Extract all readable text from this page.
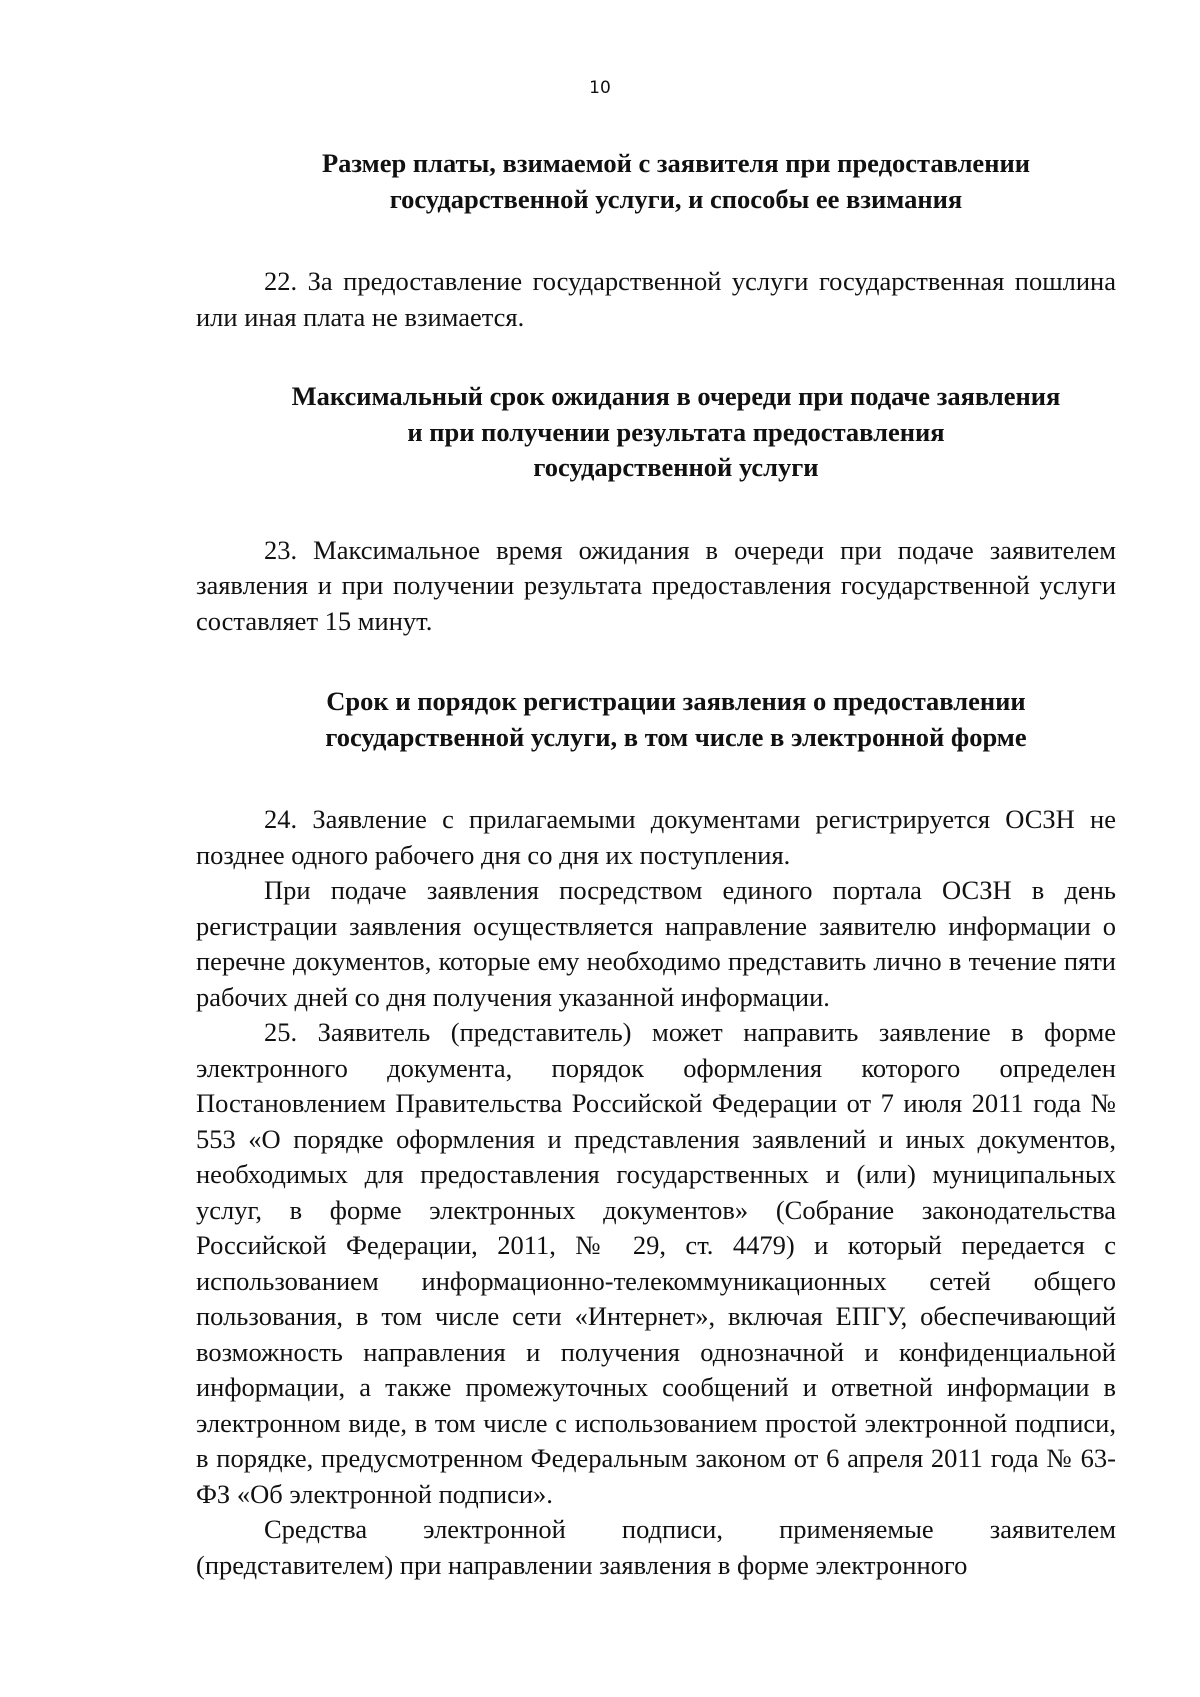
10
Размер платы, взимаемой с заявителя при предоставлении
государственной услуги, и способы ее взимания

22. За предоставление государственной услуги государственная пошлина или иная плата не взимается.

Максимальный срок ожидания в очереди при подаче заявления
и при получении результата предоставления
государственной услуги

23. Максимальное время ожидания в очереди при подаче заявителем заявления и при получении результата предоставления государственной услуги составляет 15 минут.

Срок и порядок регистрации заявления о предоставлении
государственной услуги, в том числе в электронной форме

24. Заявление с прилагаемыми документами регистрируется ОСЗН не позднее одного рабочего дня со дня их поступления.

При подаче заявления посредством единого портала ОСЗН в день регистрации заявления осуществляется направление заявителю информации о перечне документов, которые ему необходимо представить лично в течение пяти рабочих дней со дня получения указанной информации.

25. Заявитель (представитель) может направить заявление в форме электронного документа, порядок оформления которого определен Постановлением Правительства Российской Федерации от 7 июля 2011 года № 553 «О порядке оформления и представления заявлений и иных документов, необходимых для предоставления государственных и (или) муниципальных услуг, в форме электронных документов» (Собрание законодательства Российской Федерации, 2011, № 29, ст. 4479) и который передается с использованием информационно-телекоммуникационных сетей общего пользования, в том числе сети «Интернет», включая ЕПГУ, обеспечивающий возможность направления и получения однозначной и конфиденциальной информации, а также промежуточных сообщений и ответной информации в электронном виде, в том числе с использованием простой электронной подписи, в порядке, предусмотренном Федеральным законом от 6 апреля 2011 года № 63-ФЗ «Об электронной подписи».

Средства электронной подписи, применяемые заявителем (представителем) при направлении заявления в форме электронного
